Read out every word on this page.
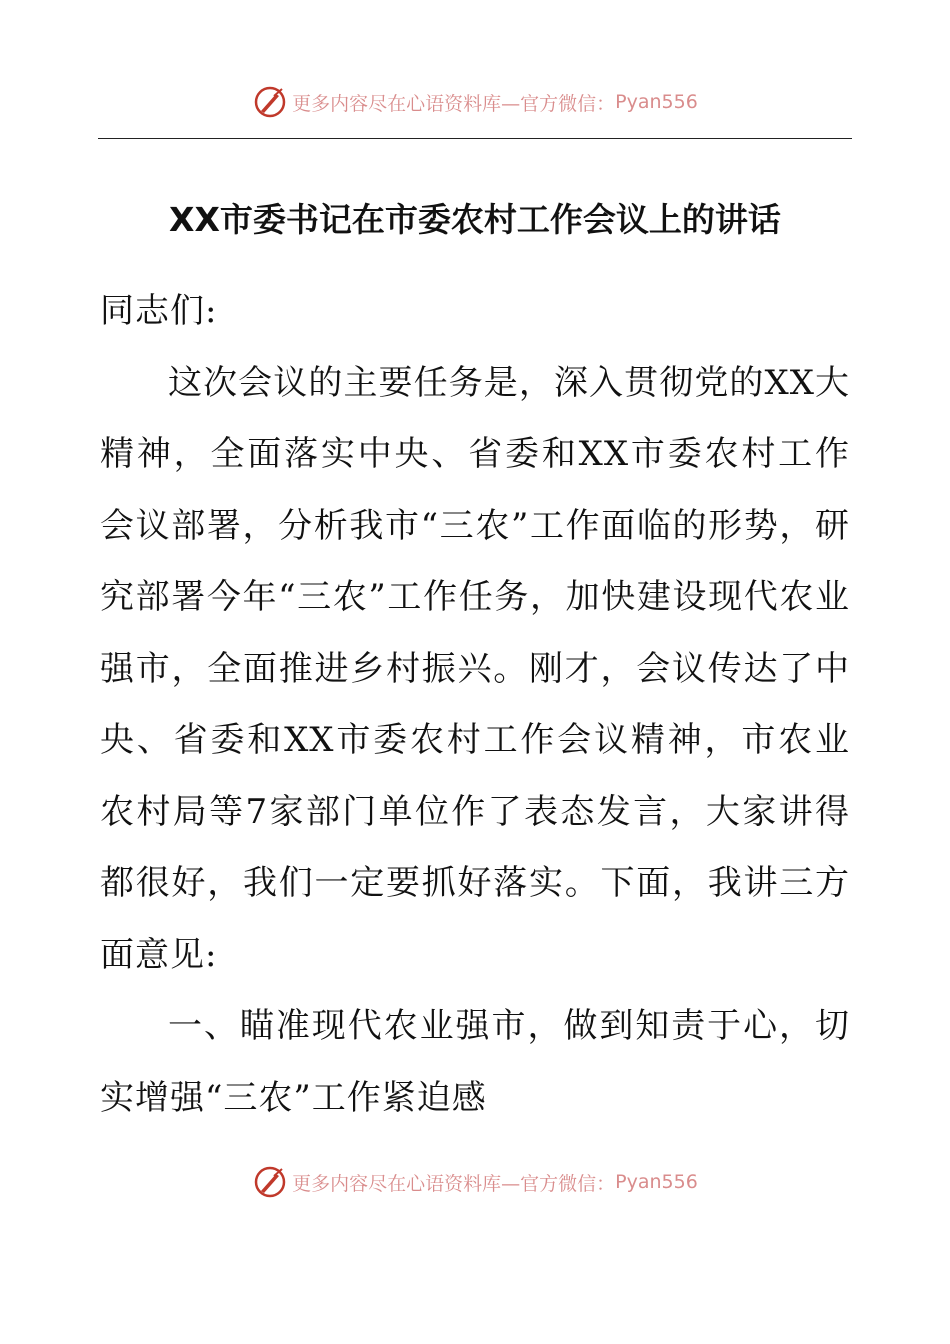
更多内容尽在心语资料库—官方微信： Pyan556
XX市委书记在市委农村工作会议上的讲话

同志们:

这次会议的主要任务是，深入贯彻党的XX大精神，全面落实中央、省委和XX市委农村工作会议部署，分析我市“三农”工作面临的形势，研究部署今年“三农”工作任务，加快建设现代农业强市，全面推进乡村振兴。刚才，会议传达了中央、省委和XX市委农村工作会议精神，市农业农村局等7家部门单位作了表态发言，大家讲得都很好，我们一定要抓好落实。下面，我讲三方面意见:

一、瞄准现代农业强市，做到知责于心，切实增强“三农”工作紧迫感

更多内容尽在心语资料库—官方微信： Pyan556
